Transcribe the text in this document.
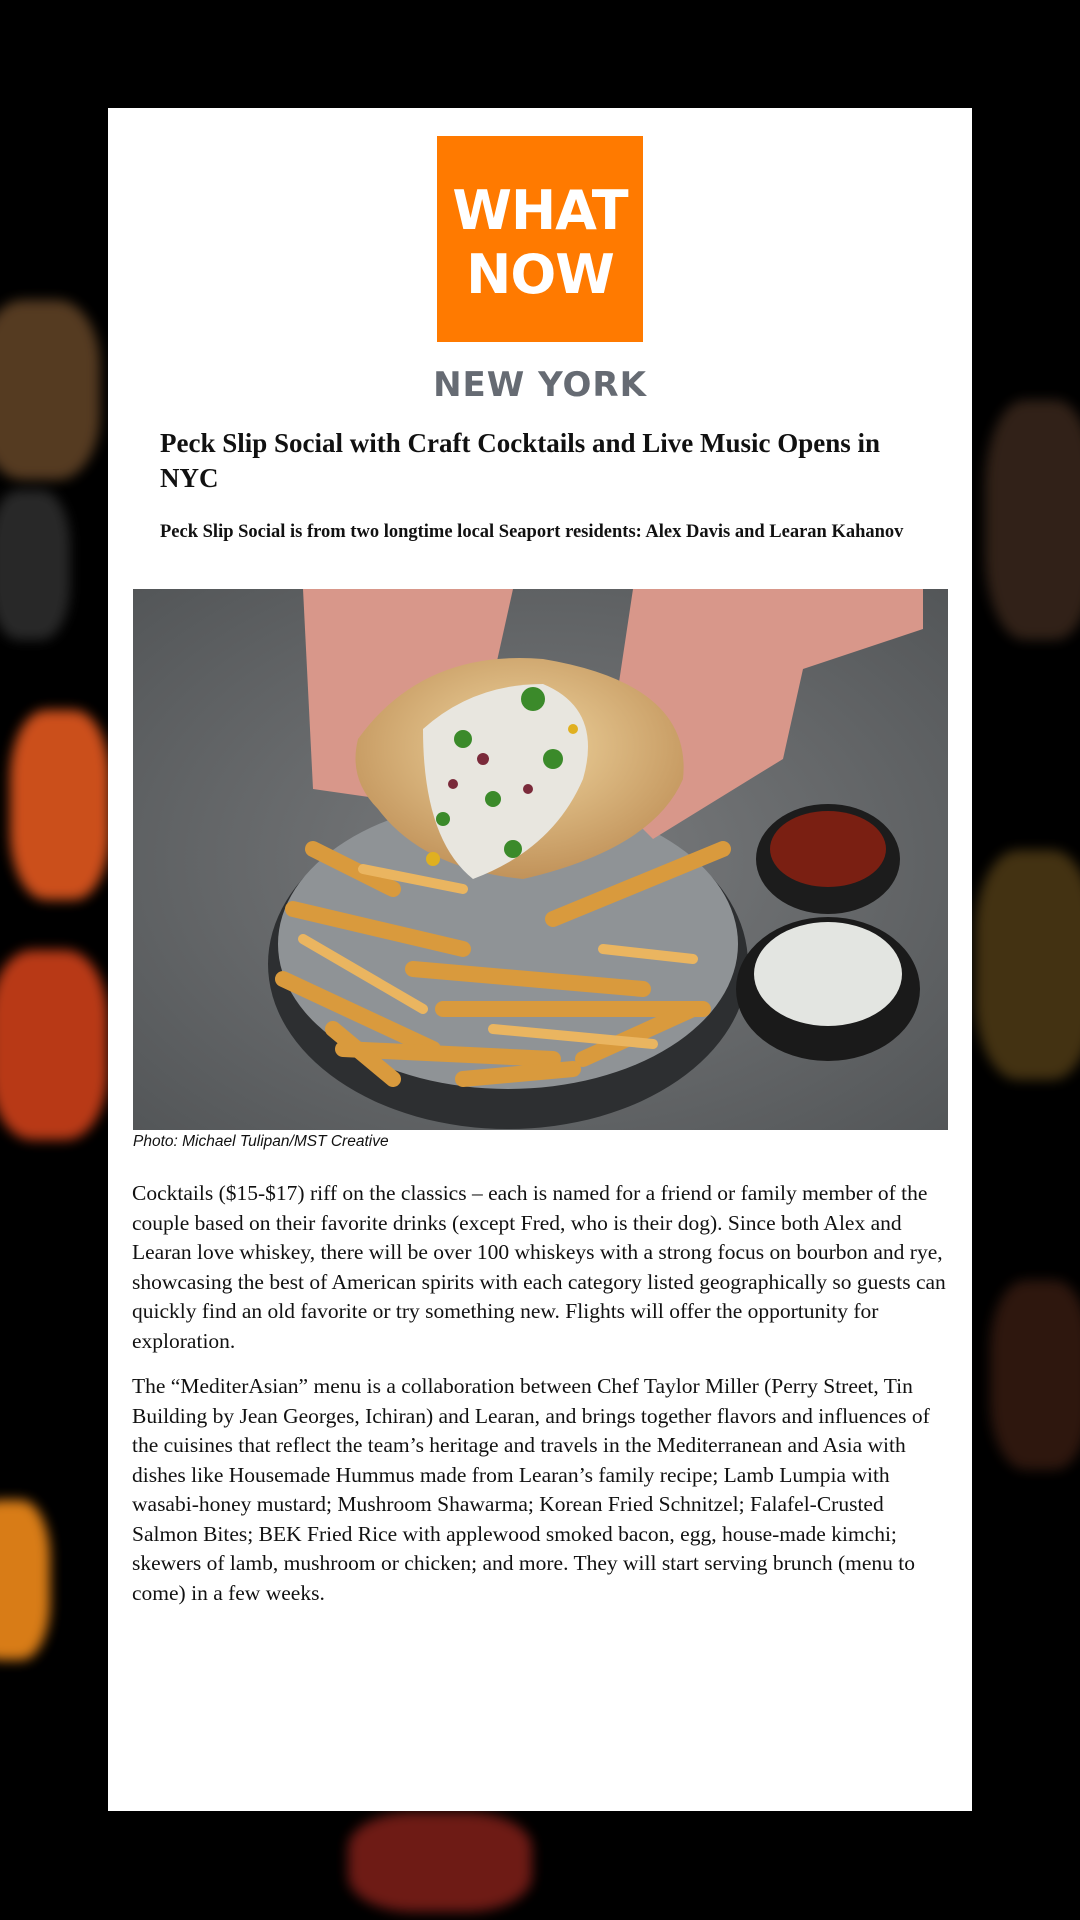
WHAT
NOW
NEW YORK
Peck Slip Social with Craft Cocktails and Live Music Opens in NYC

Peck Slip Social is from two longtime local Seaport residents: Alex Davis and Learan Kahanov

Photo: Michael Tulipan/MST Creative

Cocktails ($15-$17) riff on the classics – each is named for a friend or family member of the couple based on their favorite drinks (except Fred, who is their dog). Since both Alex and Learan love whiskey, there will be over 100 whiskeys with a strong focus on bourbon and rye, showcasing the best of American spirits with each category listed geographically so guests can quickly find an old favorite or try something new. Flights will offer the opportunity for exploration.

The “MediterAsian” menu is a collaboration between Chef Taylor Miller (Perry Street, Tin Building by Jean Georges, Ichiran) and Learan, and brings together flavors and influences of the cuisines that reflect the team’s heritage and travels in the Mediterranean and Asia with dishes like Housemade Hummus made from Learan’s family recipe; Lamb Lumpia with wasabi-honey mustard; Mushroom Shawarma; Korean Fried Schnitzel; Falafel-Crusted Salmon Bites; BEK Fried Rice with applewood smoked bacon, egg, house-made kimchi; skewers of lamb, mushroom or chicken; and more. They will start serving brunch (menu to come) in a few weeks.
